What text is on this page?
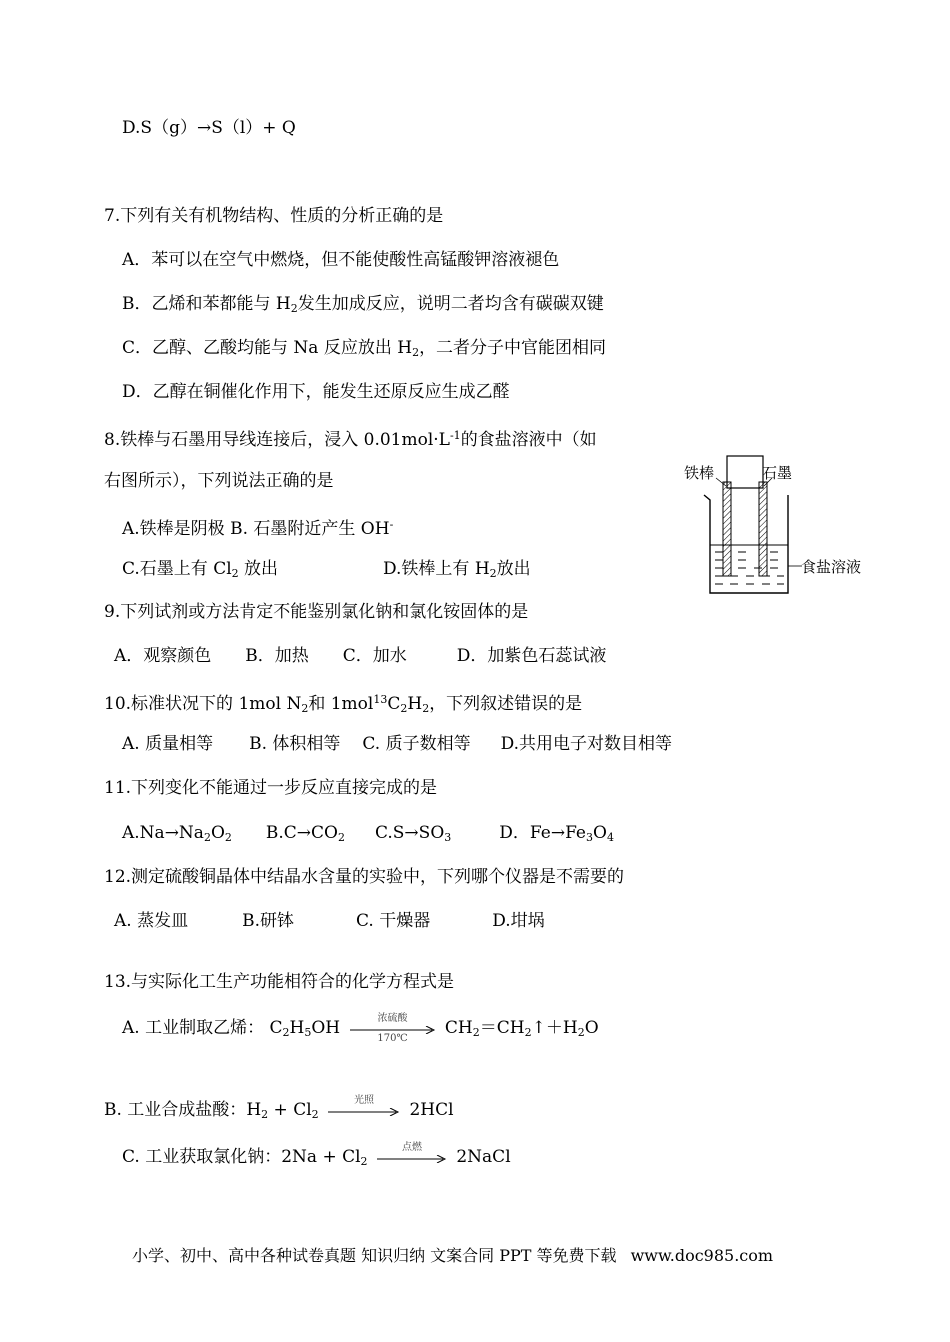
D.S（g）→S（l）+ Q
7.下列有关有机物结构、性质的分析正确的是
A．苯可以在空气中燃烧，但不能使酸性高锰酸钾溶液褪色
B．乙烯和苯都能与 $H_2$发生加成反应，说明二者均含有碳碳双键
C．乙醇、乙酸均能与 Na 反应放出 $H_2$，二者分子中官能团相同
D．乙醇在铜催化作用下，能发生还原反应生成乙醛
8.铁棒与石墨用导线连接后，浸入 $0.01mol\cdot L^{-1}$的食盐溶液中（如
右图所示），下列说法正确的是
A.铁棒是阴极 B. 石墨附近产生 OH-
C.石墨上有 $Cl_2$ 放出	D.铁棒上有 $H_2$放出
铁棒	石墨
食盐溶液
9.下列试剂或方法肯定不能鉴别氯化钠和氯化铵固体的是
A．观察颜色 B．加热 C．加水	D．加紫色石蕊试液
10.标准状况下的 1mol $N_2$和 $1mol^{13}C_2H_2$，下列叙述错误的是
A. 质量相等 B. 体积相等 C. 质子数相等 D.共用电子对数目相等
11.下列变化不能通过一步反应直接完成的是
$A.Na\to Na_2O_2$ $B.C\to CO_2$ $C.S\to SO_3$	D．$Fe\to Fe_3O_4$
12.测定硫酸铜晶体中结晶水含量的实验中，下列哪个仪器是不需要的
A. 蒸发皿	B.研钵	C. 干燥器	D.坩埚
13.与实际化工生产功能相符合的化学方程式是
A. 工业制取乙烯： $C_2H_5OH$	浓硫酸
170℃	$CH_2=CH_2↑+H_2O$
B. 工业合成盐酸：$H_2 + Cl_2$
光照	2HCl
C. 工业获取氯化钠：$2Na + Cl_2$
点燃	2NaCl
小学、初中、高中各种试卷真题 知识归纳 文案合同 PPT 等免费下载 www.doc985.com
